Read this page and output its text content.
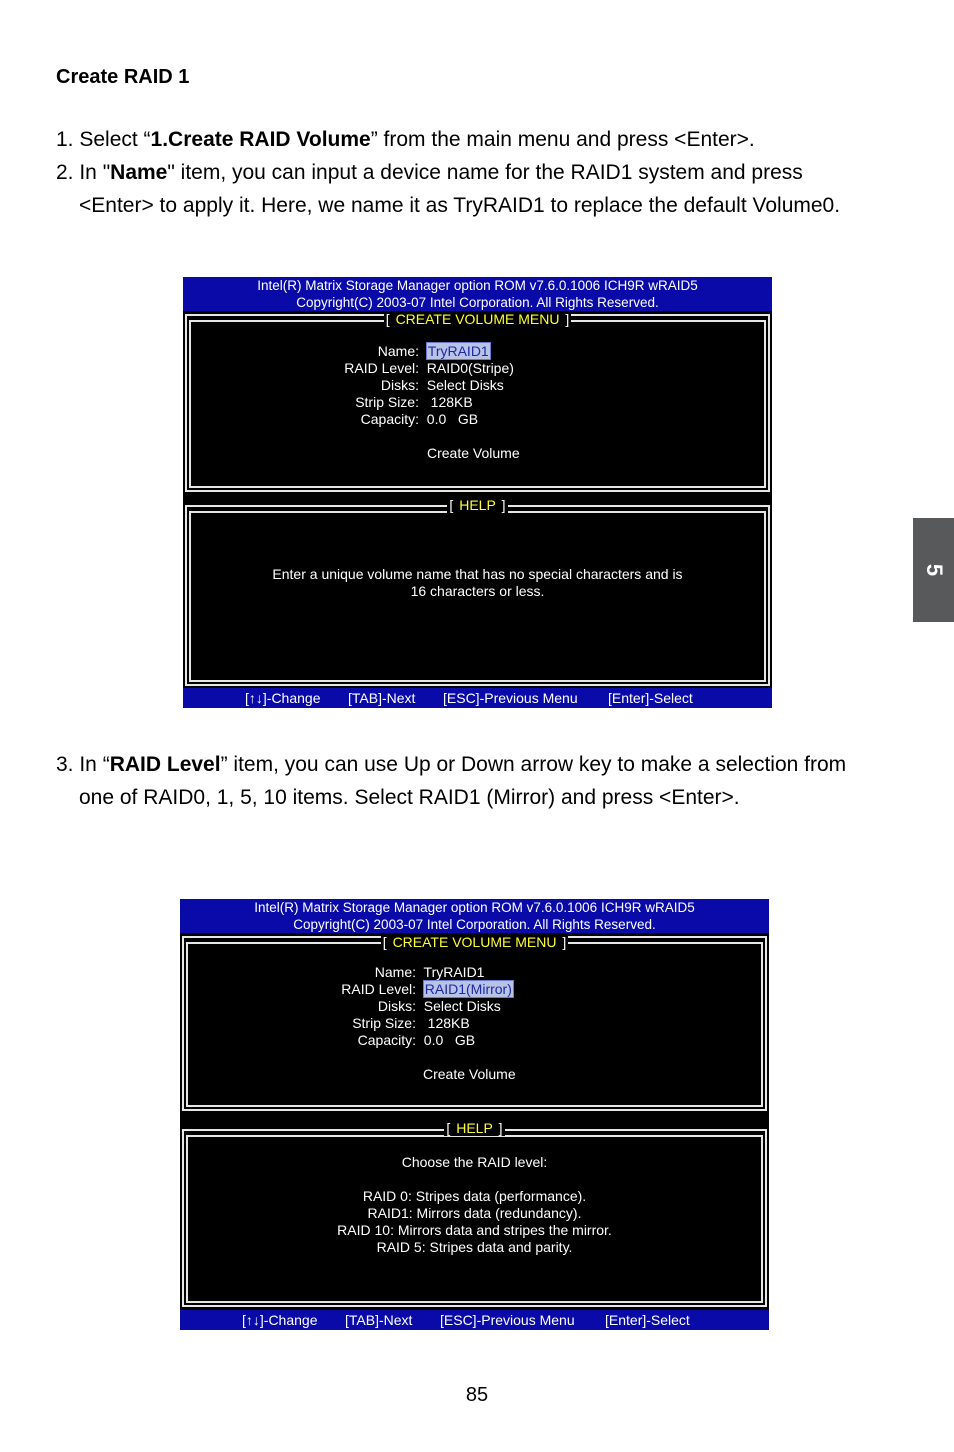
Create RAID 1
1. Select “1.Create RAID Volume” from the main menu and press <Enter>.
2. In "Name" item, you can input a device name for the RAID1 system and press
<Enter> to apply it. Here, we name it as TryRAID1 to replace the default Volume0.
Intel(R) Matrix Storage Manager option ROM v7.6.0.1006 ICH9R wRAID5
Copyright(C) 2003-07 Intel Corporation. All Rights Reserved.
[ CREATE VOLUME MENU ]
Name: TryRAID1
RAID Level: RAID0(Stripe)
Disks: Select Disks
Strip Size:   128KB
Capacity: 0.0   GB
Create Volume
[ HELP ]
Enter a unique volume name that has no special characters and is
16 characters or less.
[↑↓]-Change [TAB]-Next [ESC]-Previous Menu [Enter]-Select
3. In “RAID Level” item, you can use Up or Down arrow key to make a selection from
one of RAID0, 1, 5, 10 items. Select RAID1 (Mirror) and press <Enter>.
Intel(R) Matrix Storage Manager option ROM v7.6.0.1006 ICH9R wRAID5
Copyright(C) 2003-07 Intel Corporation. All Rights Reserved.
[ CREATE VOLUME MENU ]
Name: TryRAID1
RAID Level: RAID1(Mirror)
Disks: Select Disks
Strip Size:   128KB
Capacity: 0.0   GB
Create Volume
[ HELP ]
Choose the RAID level:
RAID 0: Stripes data (performance).
RAID1: Mirrors data (redundancy).
RAID 10: Mirrors data and stripes the mirror.
RAID 5: Stripes data and parity.
[↑↓]-Change [TAB]-Next [ESC]-Previous Menu [Enter]-Select
5
85
